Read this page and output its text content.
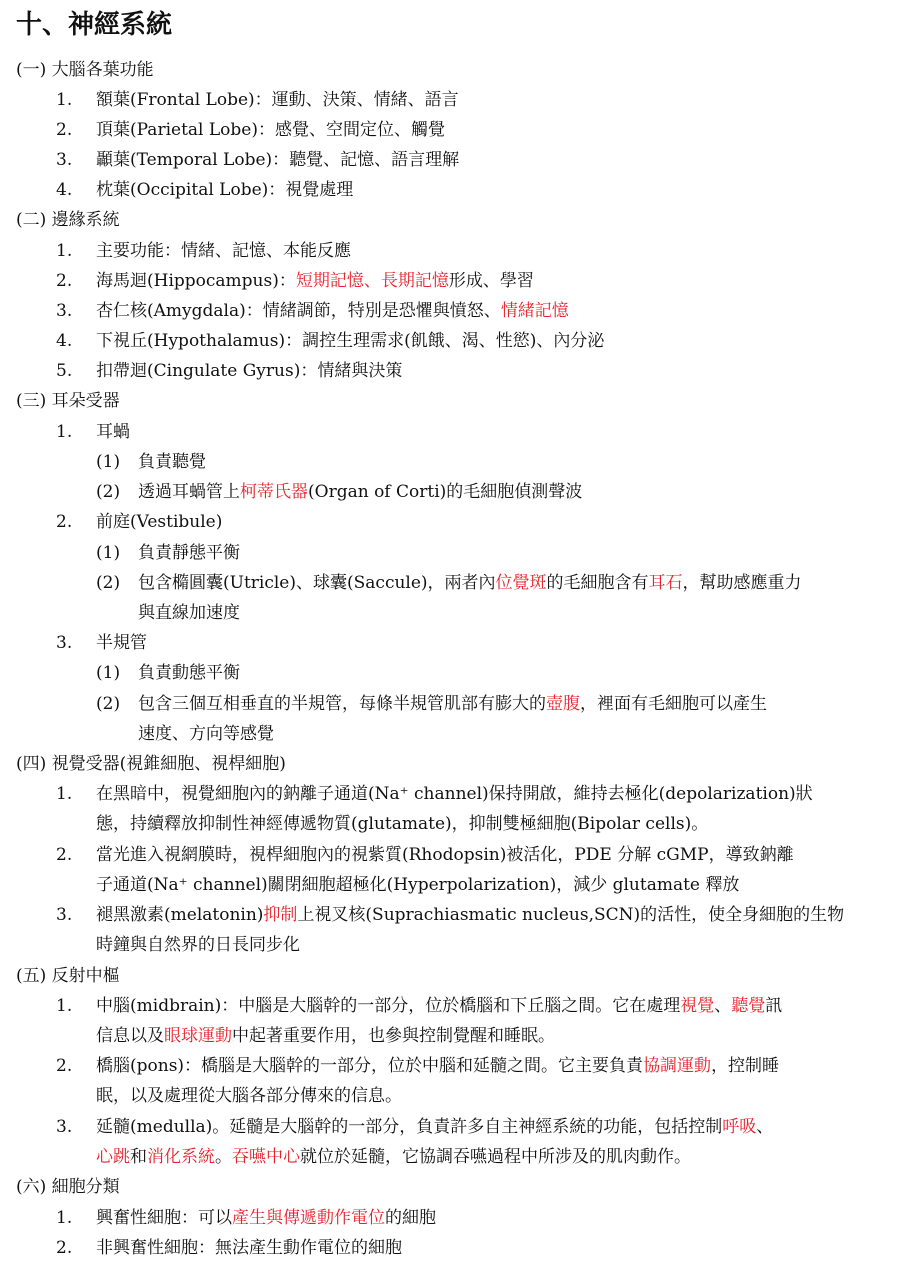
十、神經系統
(一) 大腦各葉功能
1. 額葉(Frontal Lobe)：運動、決策、情緒、語言
2. 頂葉(Parietal Lobe)：感覺、空間定位、觸覺
3. 顳葉(Temporal Lobe)：聽覺、記憶、語言理解
4. 枕葉(Occipital Lobe)：視覺處理
(二) 邊緣系統
1. 主要功能：情緒、記憶、本能反應
2. 海馬迴(Hippocampus)：短期記憶、長期記憶形成、學習
3. 杏仁核(Amygdala)：情緒調節，特別是恐懼與憤怒、情緒記憶
4. 下視丘(Hypothalamus)：調控生理需求(飢餓、渴、性慾)、內分泌
5. 扣帶迴(Cingulate Gyrus)：情緒與決策
(三) 耳朵受器
1. 耳蝸
(1) 負責聽覺
(2) 透過耳蝸管上柯蒂氏器(Organ of Corti)的毛細胞偵測聲波
2. 前庭(Vestibule)
(1) 負責靜態平衡
(2) 包含橢圓囊(Utricle)、球囊(Saccule)，兩者內位覺斑的毛細胞含有耳石，幫助感應重力
與直線加速度
3. 半規管
(1) 負責動態平衡
(2) 包含三個互相垂直的半規管，每條半規管肌部有膨大的壺腹，裡面有毛細胞可以產生
速度、方向等感覺
(四) 視覺受器(視錐細胞、視桿細胞)
1. 在黑暗中，視覺細胞內的鈉離子通道(Na⁺ channel)保持開啟，維持去極化(depolarization)狀
態，持續釋放抑制性神經傳遞物質(glutamate)，抑制雙極細胞(Bipolar cells)。
2. 當光進入視網膜時，視桿細胞內的視紫質(Rhodopsin)被活化，PDE 分解 cGMP，導致鈉離
子通道(Na⁺ channel)關閉細胞超極化(Hyperpolarization)，減少 glutamate 釋放
3. 褪黑激素(melatonin)抑制上視叉核(Suprachiasmatic nucleus,SCN)的活性，使全身細胞的生物
時鐘與自然界的日長同步化
(五) 反射中樞
1. 中腦(midbrain)：中腦是大腦幹的一部分，位於橋腦和下丘腦之間。它在處理視覺、聽覺訊
信息以及眼球運動中起著重要作用，也參與控制覺醒和睡眠。
2. 橋腦(pons)：橋腦是大腦幹的一部分，位於中腦和延髓之間。它主要負責協調運動，控制睡
眠，以及處理從大腦各部分傳來的信息。
3. 延髓(medulla)。延髓是大腦幹的一部分，負責許多自主神經系統的功能，包括控制呼吸、
心跳和消化系統。吞嚥中心就位於延髓，它協調吞嚥過程中所涉及的肌肉動作。
(六) 細胞分類
1. 興奮性細胞：可以產生與傳遞動作電位的細胞
2. 非興奮性細胞：無法產生動作電位的細胞
